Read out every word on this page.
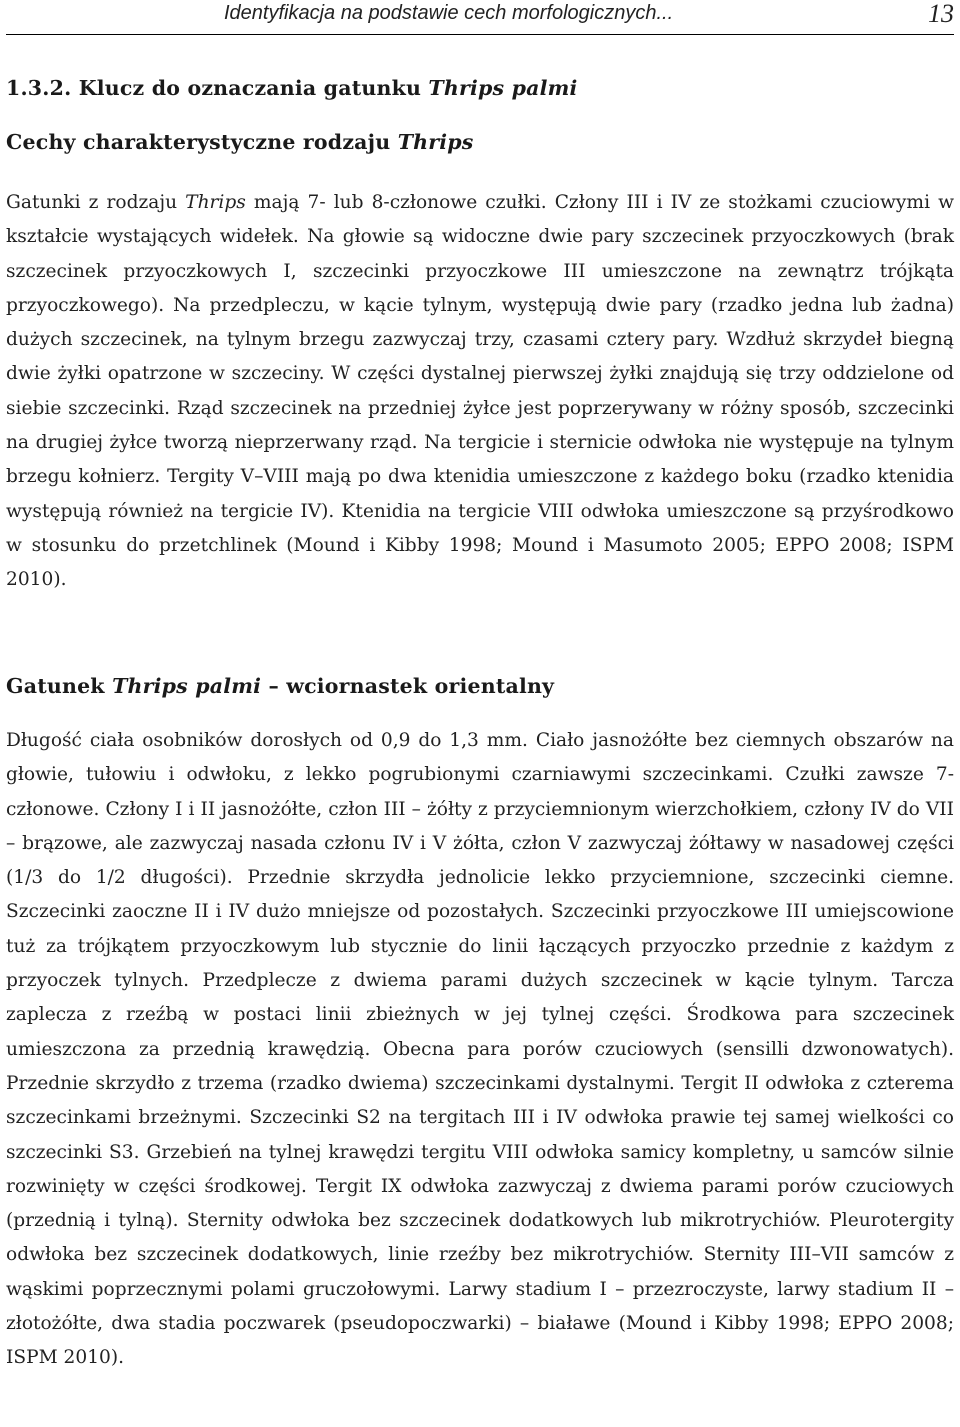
Identyfikacja na podstawie cech morfologicznych...	13
1.3.2. Klucz do oznaczania gatunku Thrips palmi
Cechy charakterystyczne rodzaju Thrips

Gatunki z rodzaju Thrips mają 7- lub 8-członowe czułki. Człony III i IV ze stożkami czuciowymi w kształcie wystających widełek. Na głowie są widoczne dwie pary szczecinek przyoczkowych (brak szczecinek przyoczkowych I, szczecinki przyoczkowe III umieszczone na zewnątrz trójkąta przyoczkowego). Na przedpleczu, w kącie tylnym, występują dwie pary (rzadko jedna lub żadna) dużych szczecinek, na tylnym brzegu zazwyczaj trzy, czasami cztery pary. Wzdłuż skrzydeł biegną dwie żyłki opatrzone w szczeciny. W części dystalnej pierwszej żyłki znajdują się trzy oddzielone od siebie szczecinki. Rząd szczecinek na przedniej żyłce jest poprzerywany w różny sposób, szczecinki na drugiej żyłce tworzą nieprzerwany rząd. Na tergicie i sternicie odwłoka nie występuje na tylnym brzegu kołnierz. Tergity V–VIII mają po dwa ktenidia umieszczone z każdego boku (rzadko ktenidia występują również na tergicie IV). Ktenidia na tergicie VIII odwłoka umieszczone są przyśrodkowo w stosunku do przetchlinek (Mound i Kibby 1998; Mound i Masumoto 2005; EPPO 2008; ISPM 2010).

Gatunek Thrips palmi – wciornastek orientalny

Długość ciała osobników dorosłych od 0,9 do 1,3 mm. Ciało jasnożółte bez ciemnych obszarów na głowie, tułowiu i odwłoku, z lekko pogrubionymi czarniawymi szczecinkami. Czułki zawsze 7-członowe. Człony I i II jasnożółte, człon III – żółty z przyciemnionym wierzchołkiem, człony IV do VII – brązowe, ale zazwyczaj nasada członu IV i V żółta, człon V zazwyczaj żółtawy w nasadowej części (1/3 do 1/2 długości). Przednie skrzydła jednolicie lekko przyciemnione, szczecinki ciemne. Szczecinki zaoczne II i IV dużo mniejsze od pozostałych. Szczecinki przyoczkowe III umiejscowione tuż za trójkątem przyoczkowym lub stycznie do linii łączących przyoczko przednie z każdym z przyoczek tylnych. Przedplecze z dwiema parami dużych szczecinek w kącie tylnym. Tarcza zaplecza z rzeźbą w postaci linii zbieżnych w jej tylnej części. Środkowa para szczecinek umieszczona za przednią krawędzią. Obecna para porów czuciowych (sensilli dzwonowatych). Przednie skrzydło z trzema (rzadko dwiema) szczecinkami dystalnymi. Tergit II odwłoka z czterema szczecinkami brzeżnymi. Szczecinki S2 na tergitach III i IV odwłoka prawie tej samej wielkości co szczecinki S3. Grzebień na tylnej krawędzi tergitu VIII odwłoka samicy kompletny, u samców silnie rozwinięty w części środkowej. Tergit IX odwłoka zazwyczaj z dwiema parami porów czuciowych (przednią i tylną). Sternity odwłoka bez szczecinek dodatkowych lub mikrotrychiów. Pleurotergity odwłoka bez szczecinek dodatkowych, linie rzeźby bez mikrotrychiów. Sternity III–VII samców z wąskimi poprzecznymi polami gruczołowymi. Larwy stadium I – przezroczyste, larwy stadium II – złotożółte, dwa stadia poczwarek (pseudopoczwarki) – białawe (Mound i Kibby 1998; EPPO 2008; ISPM 2010).
